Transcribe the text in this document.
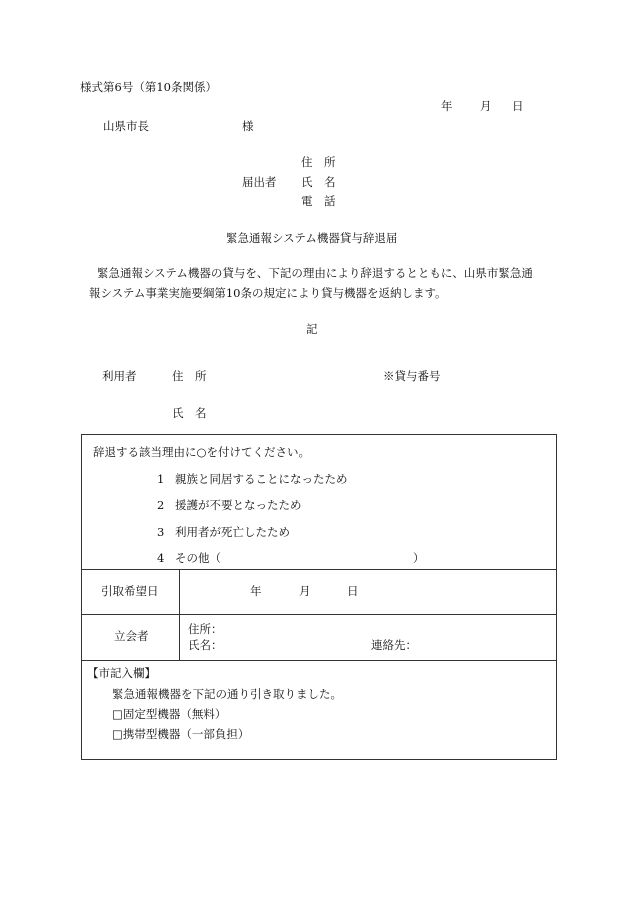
様式第6号（第10条関係）
年 月 日
山県市長	様
住　所
届出者 氏　名
電　話
緊急通報システム機器貸与辞退届
緊急通報システム機器の貸与を、下記の理由により辞退するとともに、山県市緊急通
報システム事業実施要綱第10条の規定により貸与機器を返納します。
記
利用者	住　所	※貸与番号
氏　名
辞退する該当理由に○を付けてください。
1 親族と同居することになったため
2 援護が不要となったため
3 利用者が死亡したため
4 その他（	）
引取希望日	年	月	日
立会者	住所：
氏名：	連絡先：
【市記入欄】
緊急通報機器を下記の通り引き取りました。
□固定型機器（無料）
□携帯型機器（一部負担）
